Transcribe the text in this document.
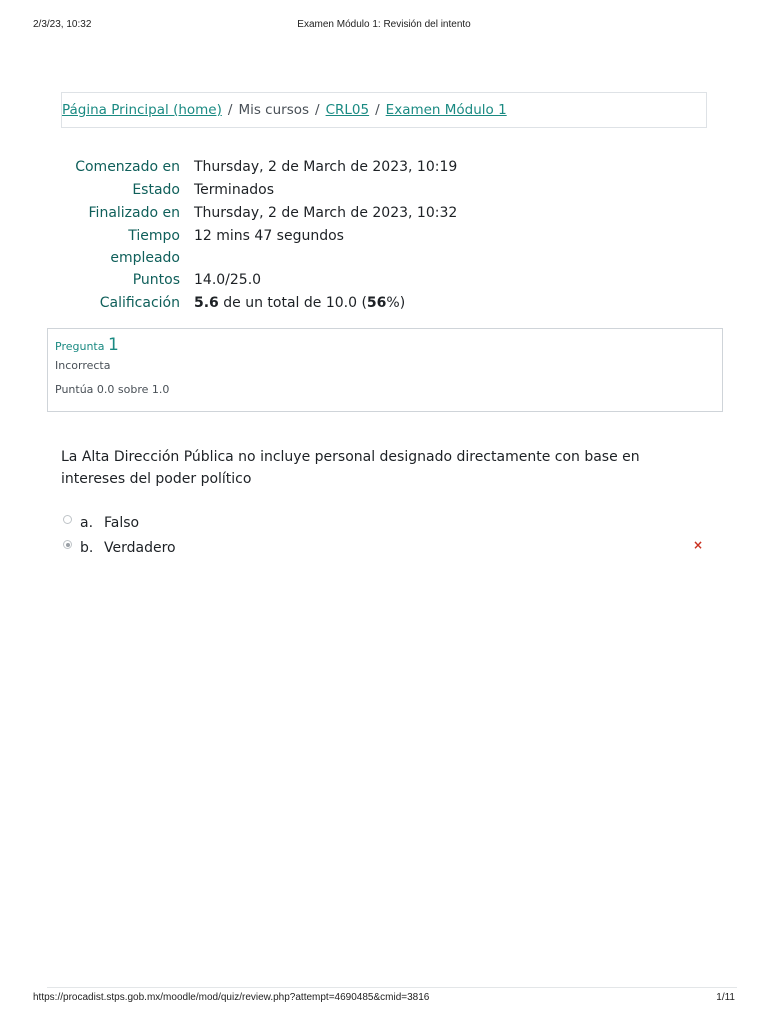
2/3/23, 10:32	Examen Módulo 1: Revisión del intento
Página Principal (home) / Mis cursos / CRL05 / Examen Módulo 1
Comenzado en	Thursday, 2 de March de 2023, 10:19
Estado	Terminados
Finalizado en	Thursday, 2 de March de 2023, 10:32
Tiempo
empleado	12 mins 47 segundos
Puntos	14.0/25.0
Calificación	5.6 de un total de 10.0 (56%)
Pregunta 1
Incorrecta
Puntúa 0.0 sobre 1.0
La Alta Dirección Pública no incluye personal designado directamente con base en intereses del poder político
a. Falso
b. Verdadero	×
https://procadist.stps.gob.mx/moodle/mod/quiz/review.php?attempt=4690485&cmid=3816	1/11
